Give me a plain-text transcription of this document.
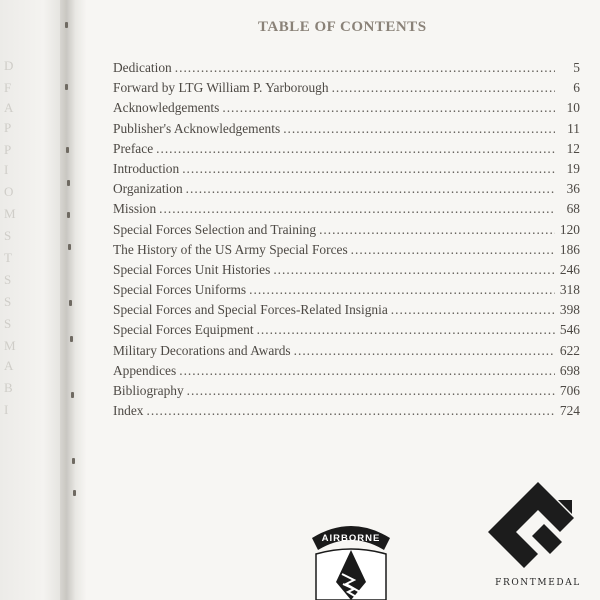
D
F
A
P
P
I
O
M
S
T
S
S
S
M
A
B
I
TABLE OF CONTENTS
Dedication .....	5
Forward by LTG William P. Yarborough .....	6
Acknowledgements .....	10
Publisher's Acknowledgements .....	11
Preface .....	12
Introduction .....	19
Organization .....	36
Mission .....	68
Special Forces Selection and Training .....	120
The History of the US Army Special Forces .....	186
Special Forces Unit Histories .....	246
Special Forces Uniforms .....	318
Special Forces and Special Forces-Related Insignia .....	398
Special Forces Equipment .....	546
Military Decorations and Awards .....	622
Appendices .....	698
Bibliography .....	706
Index .....	724
AIRBORNE
FRONTMEDAL
